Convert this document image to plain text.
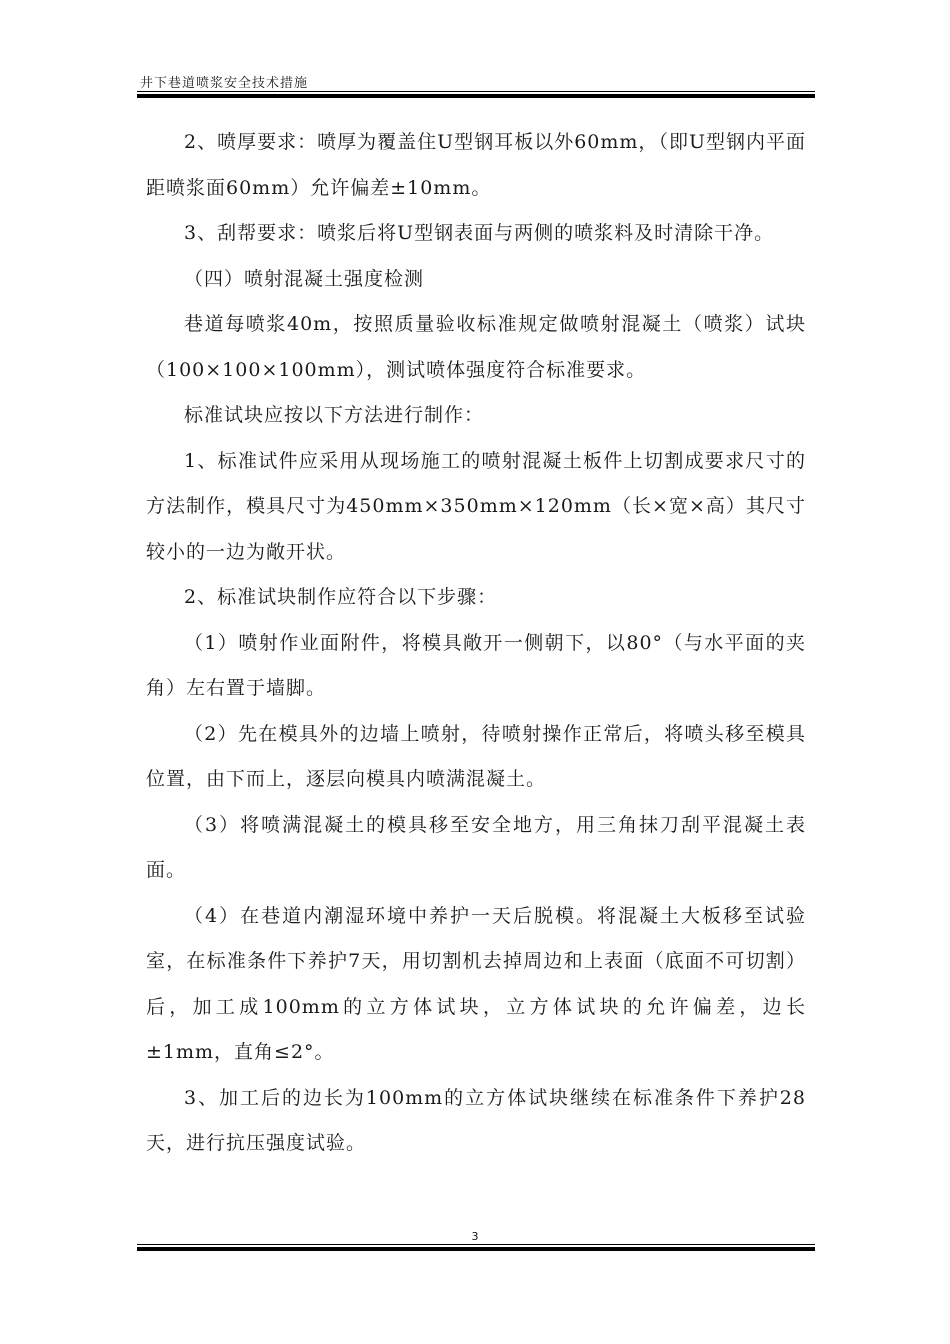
井下巷道喷浆安全技术措施

2、喷厚要求：喷厚为覆盖住U型钢耳板以外60mm，（即U型钢内平面距喷浆面60mm）允许偏差±10mm。

3、刮帮要求：喷浆后将U型钢表面与两侧的喷浆料及时清除干净。

（四）喷射混凝土强度检测

巷道每喷浆40m，按照质量验收标准规定做喷射混凝土（喷浆）试块（100×100×100mm），测试喷体强度符合标准要求。

标准试块应按以下方法进行制作：

1、标准试件应采用从现场施工的喷射混凝土板件上切割成要求尺寸的方法制作，模具尺寸为450mm×350mm×120mm（长×宽×高）其尺寸较小的一边为敞开状。

2、标准试块制作应符合以下步骤：

（1）喷射作业面附件，将模具敞开一侧朝下，以80°（与水平面的夹角）左右置于墙脚。

（2）先在模具外的边墙上喷射，待喷射操作正常后，将喷头移至模具位置，由下而上，逐层向模具内喷满混凝土。

（3）将喷满混凝土的模具移至安全地方，用三角抹刀刮平混凝土表面。

（4）在巷道内潮湿环境中养护一天后脱模。将混凝土大板移至试验室，在标准条件下养护7天，用切割机去掉周边和上表面（底面不可切割）后，加工成100mm的立方体试块，立方体试块的允许偏差，边长±1mm，直角≤2°。

3、加工后的边长为100mm的立方体试块继续在标准条件下养护28天，进行抗压强度试验。

3
